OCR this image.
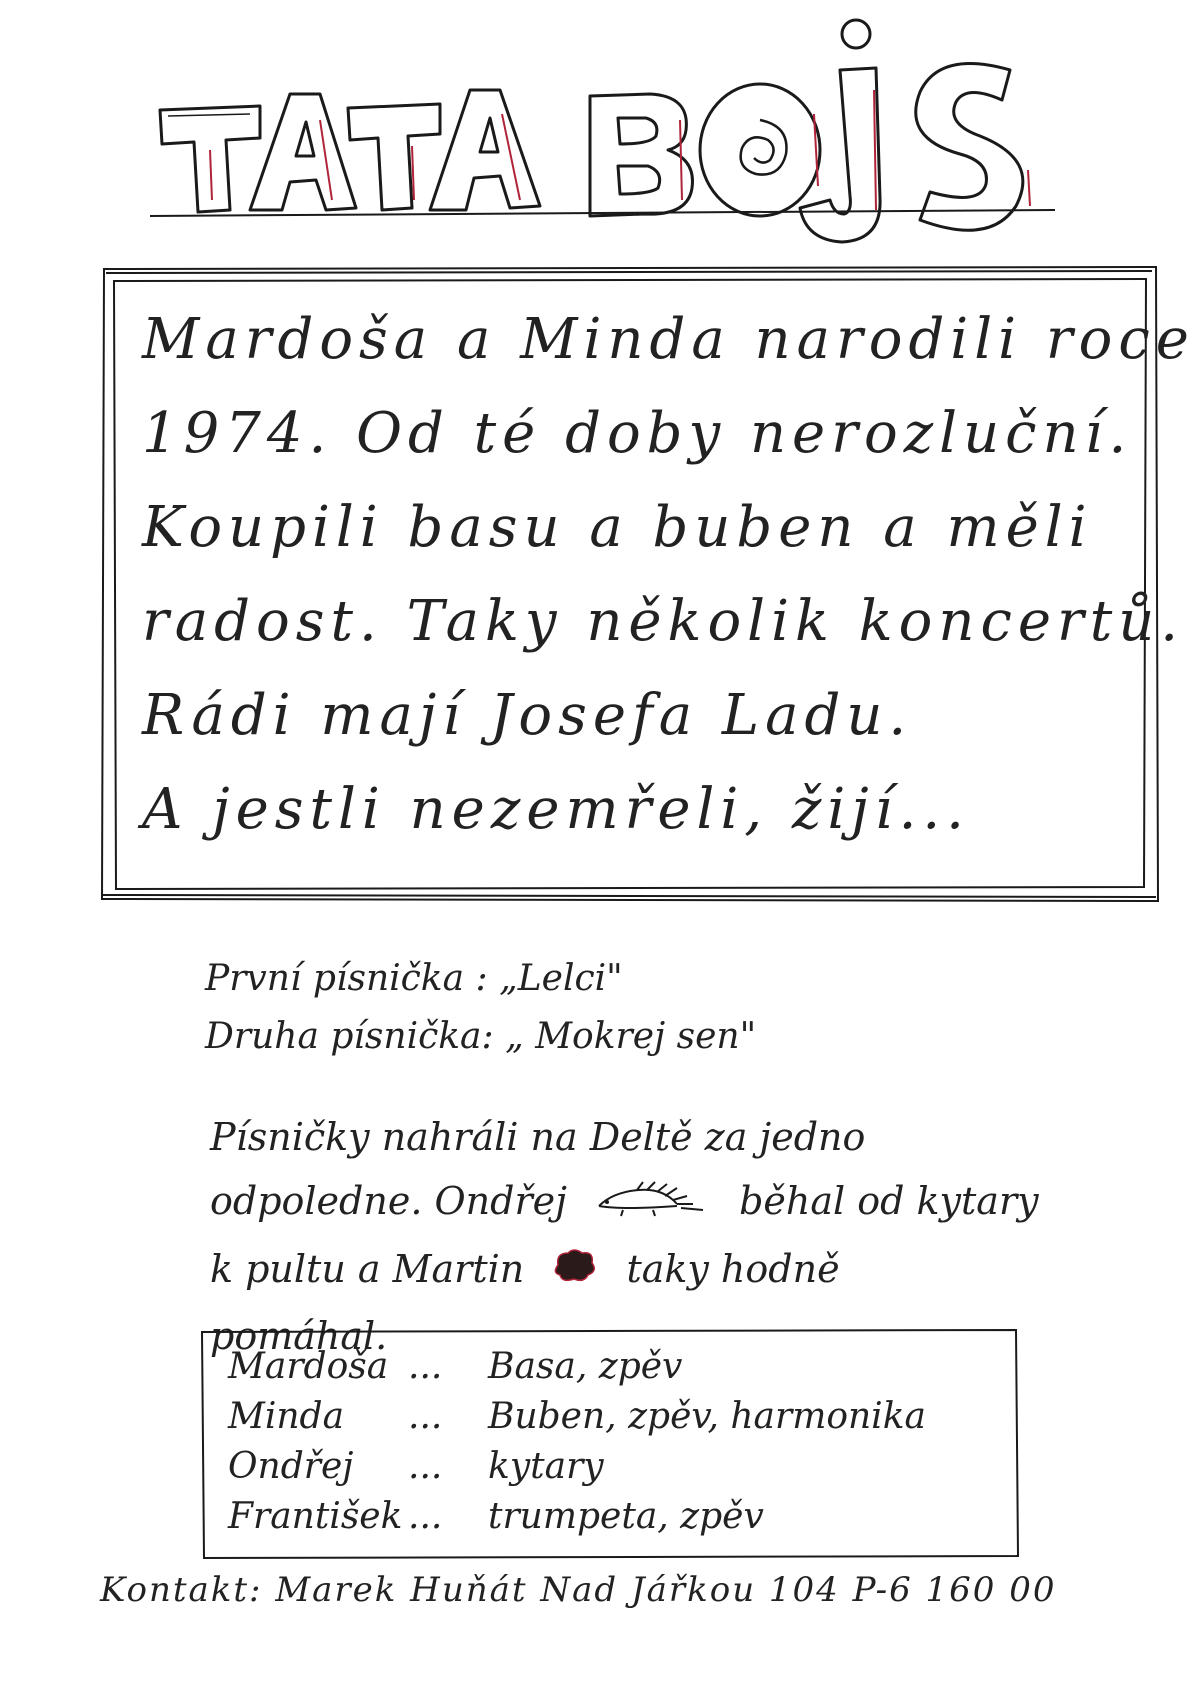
Mardoša a Minda narodili roce
1974. Od té doby nerozluční.
Koupili basu a buben a měli
radost. Taky několik koncertů.
Rádi mají Josefa Ladu.
A jestli nezemřeli, žijí...
První písnička : „Lelci"
Druha písnička: „ Mokrej sen"
Písničky nahráli na Deltě za jedno
odpoledne. Ondřej	běhal od kytary
k pultu a Martin	taky hodně
pomáhal.
Mardoša ...	Basa, zpěv
Minda	...	Buben, zpěv, harmonika
Ondřej	...	kytary
František ...	trumpeta, zpěv
Kontakt: Marek Huňát Nad Jářkou 104 P-6 160 00
